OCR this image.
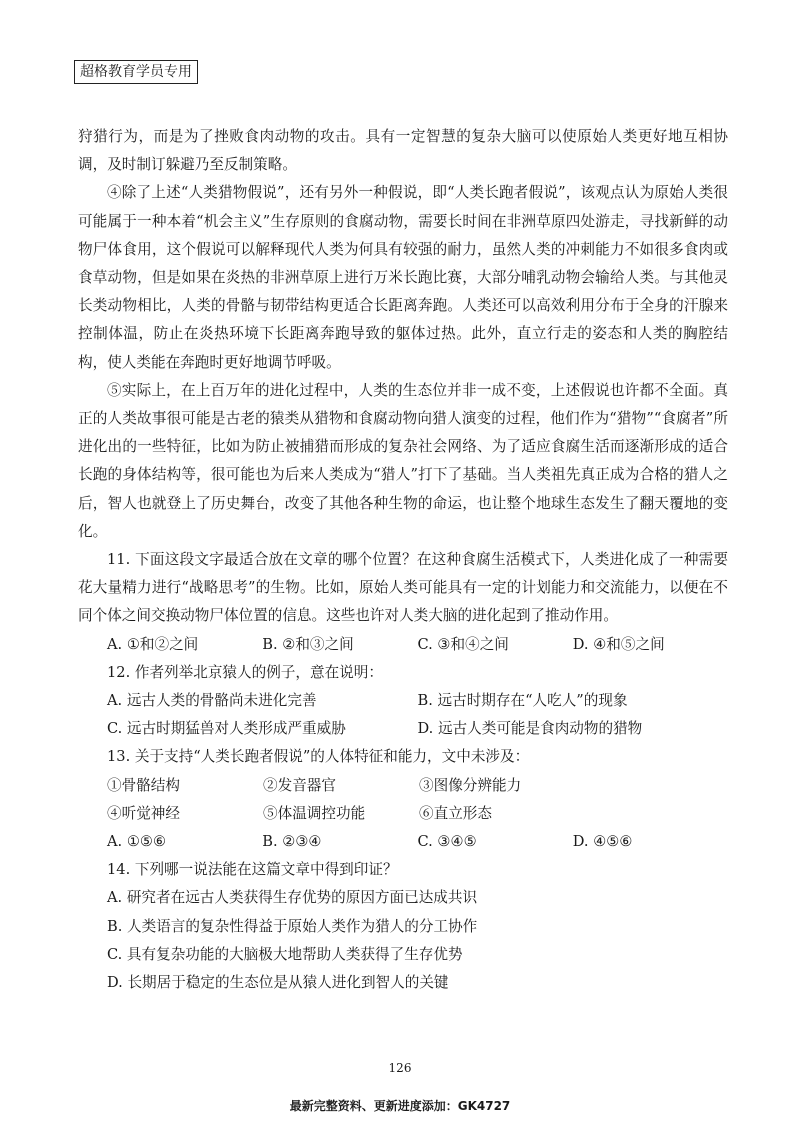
超格教育学员专用

狩猎行为，而是为了挫败食肉动物的攻击。具有一定智慧的复杂大脑可以使原始人类更好地互相协调，及时制订躲避乃至反制策略。

④除了上述“人类猎物假说”，还有另外一种假说，即“人类长跑者假说”，该观点认为原始人类很可能属于一种本着“机会主义”生存原则的食腐动物，需要长时间在非洲草原四处游走，寻找新鲜的动物尸体食用，这个假说可以解释现代人类为何具有较强的耐力，虽然人类的冲刺能力不如很多食肉或食草动物，但是如果在炎热的非洲草原上进行万米长跑比赛，大部分哺乳动物会输给人类。与其他灵长类动物相比，人类的骨骼与韧带结构更适合长距离奔跑。人类还可以高效利用分布于全身的汗腺来控制体温，防止在炎热环境下长距离奔跑导致的躯体过热。此外，直立行走的姿态和人类的胸腔结构，使人类能在奔跑时更好地调节呼吸。

⑤实际上，在上百万年的进化过程中，人类的生态位并非一成不变，上述假说也许都不全面。真正的人类故事很可能是古老的猿类从猎物和食腐动物向猎人演变的过程，他们作为“猎物”“食腐者”所进化出的一些特征，比如为防止被捕猎而形成的复杂社会网络、为了适应食腐生活而逐渐形成的适合长跑的身体结构等，很可能也为后来人类成为“猎人”打下了基础。当人类祖先真正成为合格的猎人之后，智人也就登上了历史舞台，改变了其他各种生物的命运，也让整个地球生态发生了翻天覆地的变化。

11. 下面这段文字最适合放在文章的哪个位置？在这种食腐生活模式下，人类进化成了一种需要花大量精力进行“战略思考”的生物。比如，原始人类可能具有一定的计划能力和交流能力，以便在不同个体之间交换动物尸体位置的信息。这些也许对人类大脑的进化起到了推动作用。

A. ①和②之间	B. ②和③之间	C. ③和④之间	D. ④和⑤之间

12. 作者列举北京猿人的例子，意在说明：

A. 远古人类的骨骼尚未进化完善	B. 远古时期存在“人吃人”的现象
C. 远古时期猛兽对人类形成严重威胁	D. 远古人类可能是食肉动物的猎物

13. 关于支持“人类长跑者假说”的人体特征和能力，文中未涉及：

①骨骼结构	②发音器官	③图像分辨能力
④听觉神经	⑤体温调控功能	⑥直立形态
A. ①⑤⑥	B. ②③④	C. ③④⑤	D. ④⑤⑥

14. 下列哪一说法能在这篇文章中得到印证？

A. 研究者在远古人类获得生存优势的原因方面已达成共识

B. 人类语言的复杂性得益于原始人类作为猎人的分工协作

C. 具有复杂功能的大脑极大地帮助人类获得了生存优势

D. 长期居于稳定的生态位是从猿人进化到智人的关键

126
最新完整资料、更新进度添加：GK4727
